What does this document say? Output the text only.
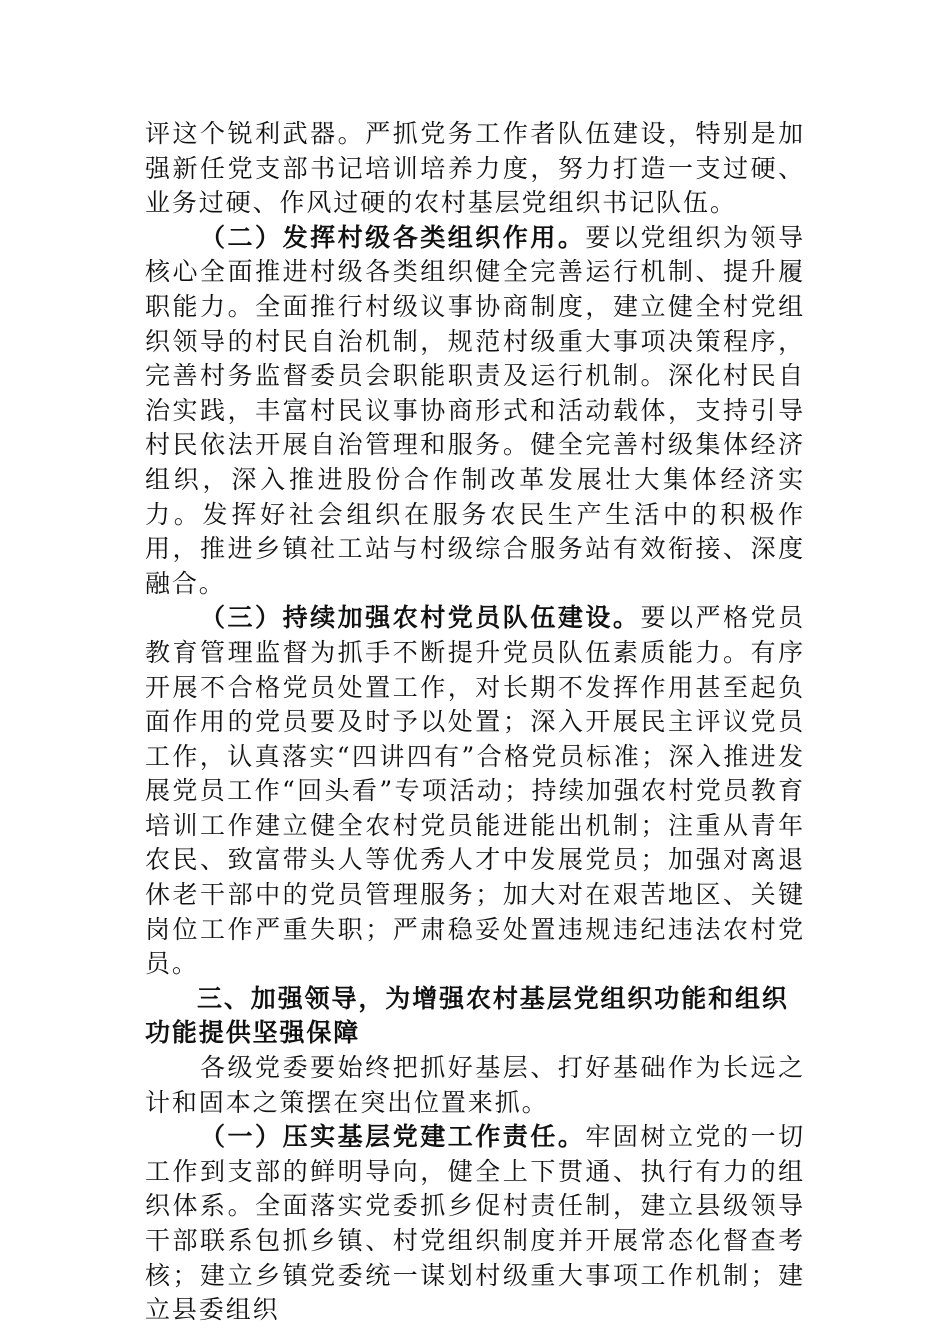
评这个锐利武器。严抓党务工作者队伍建设，特别是加强新任党支部书记培训培养力度，努力打造一支过硬、业务过硬、作风过硬的农村基层党组织书记队伍。

（二）发挥村级各类组织作用。要以党组织为领导核心全面推进村级各类组织健全完善运行机制、提升履职能力。全面推行村级议事协商制度，建立健全村党组织领导的村民自治机制，规范村级重大事项决策程序，完善村务监督委员会职能职责及运行机制。深化村民自治实践，丰富村民议事协商形式和活动载体，支持引导村民依法开展自治管理和服务。健全完善村级集体经济组织，深入推进股份合作制改革发展壮大集体经济实力。发挥好社会组织在服务农民生产生活中的积极作用，推进乡镇社工站与村级综合服务站有效衔接、深度融合。

（三）持续加强农村党员队伍建设。要以严格党员教育管理监督为抓手不断提升党员队伍素质能力。有序开展不合格党员处置工作，对长期不发挥作用甚至起负面作用的党员要及时予以处置；深入开展民主评议党员工作，认真落实“四讲四有”合格党员标准；深入推进发展党员工作“回头看”专项活动；持续加强农村党员教育培训工作建立健全农村党员能进能出机制；注重从青年农民、致富带头人等优秀人才中发展党员；加强对离退休老干部中的党员管理服务；加大对在艰苦地区、关键岗位工作严重失职；严肃稳妥处置违规违纪违法农村党员。

三、加强领导，为增强农村基层党组织功能和组织功能提供坚强保障

各级党委要始终把抓好基层、打好基础作为长远之计和固本之策摆在突出位置来抓。

（一）压实基层党建工作责任。牢固树立党的一切工作到支部的鲜明导向，健全上下贯通、执行有力的组织体系。全面落实党委抓乡促村责任制，建立县级领导干部联系包抓乡镇、村党组织制度并开展常态化督查考核；建立乡镇党委统一谋划村级重大事项工作机制；建立县委组织
